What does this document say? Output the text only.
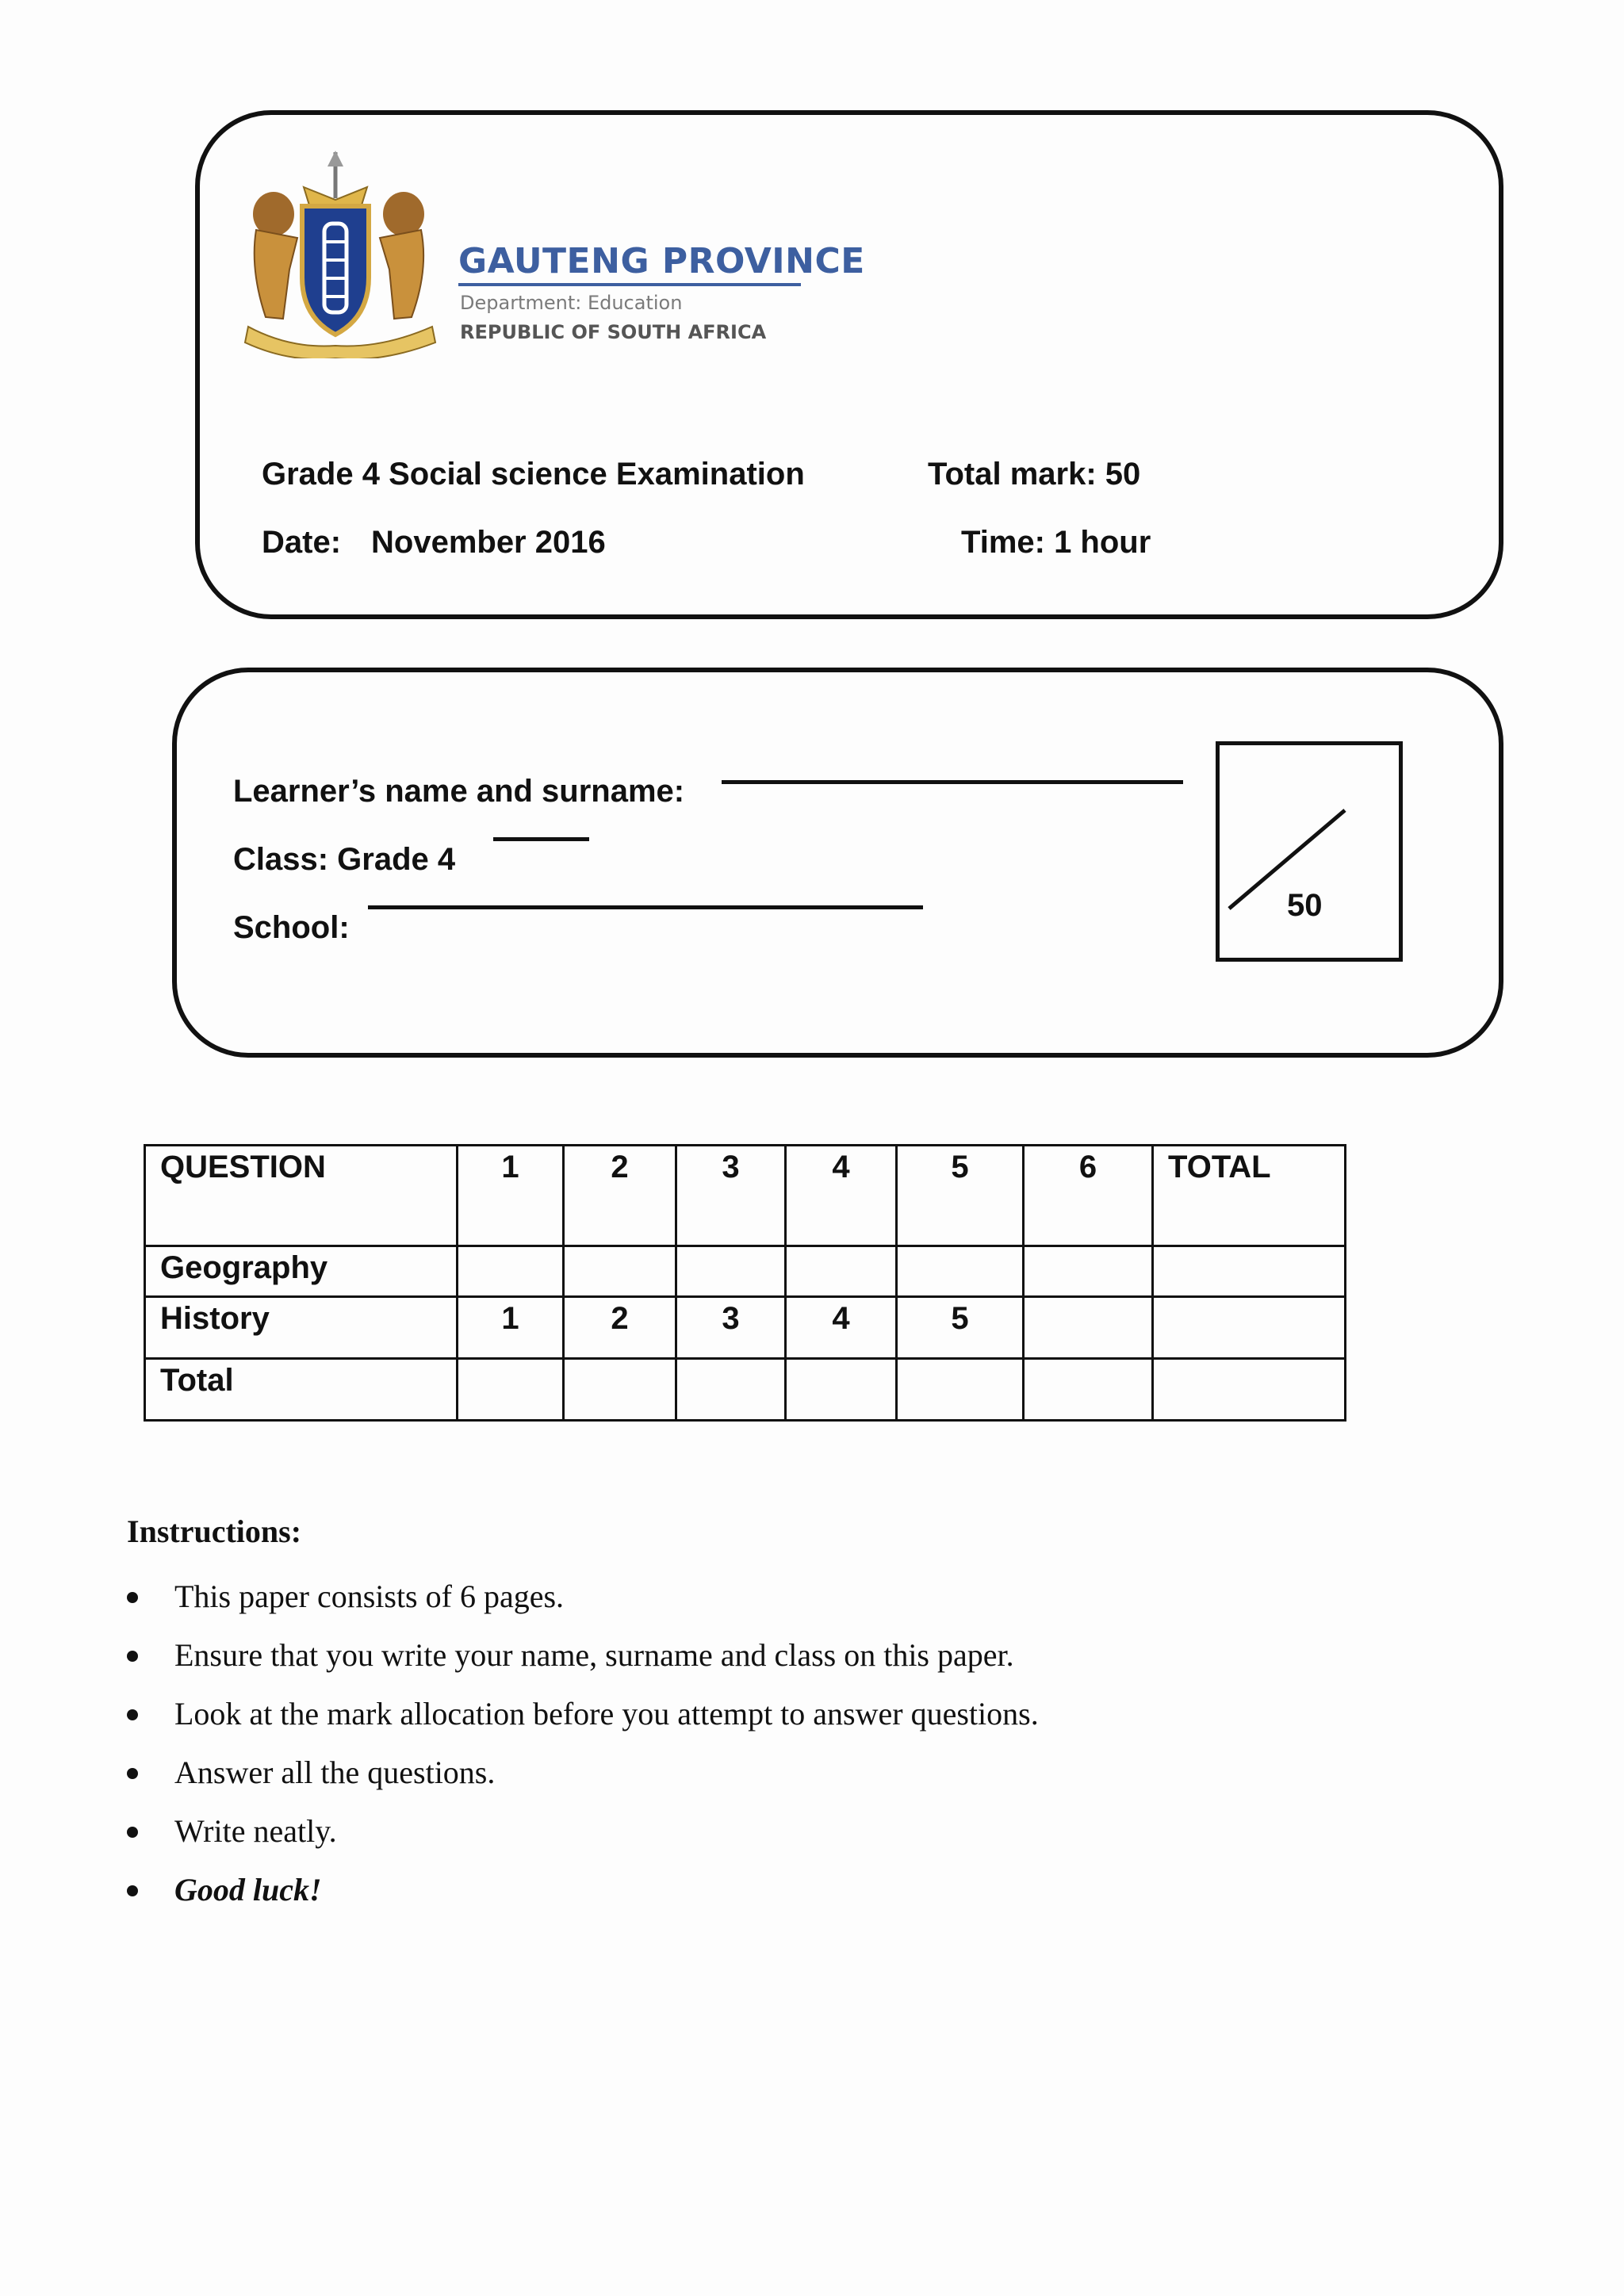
GAUTENG PROVINCE
Department: Education
REPUBLIC OF SOUTH AFRICA
Grade 4 Social science Examination	Total mark: 50
Date: November 2016	Time: 1 hour
Learner’s name and surname:
Class: Grade 4
School:
50
QUESTION	1	2	3	4	5	6	TOTAL
Geography							
History	1	2	3	4	5		
Total							
Instructions:
This paper consists of 6 pages.
Ensure that you write your name, surname and class on this paper.
Look at the mark allocation before you attempt to answer questions.
Answer all the questions.
Write neatly.
Good luck!
